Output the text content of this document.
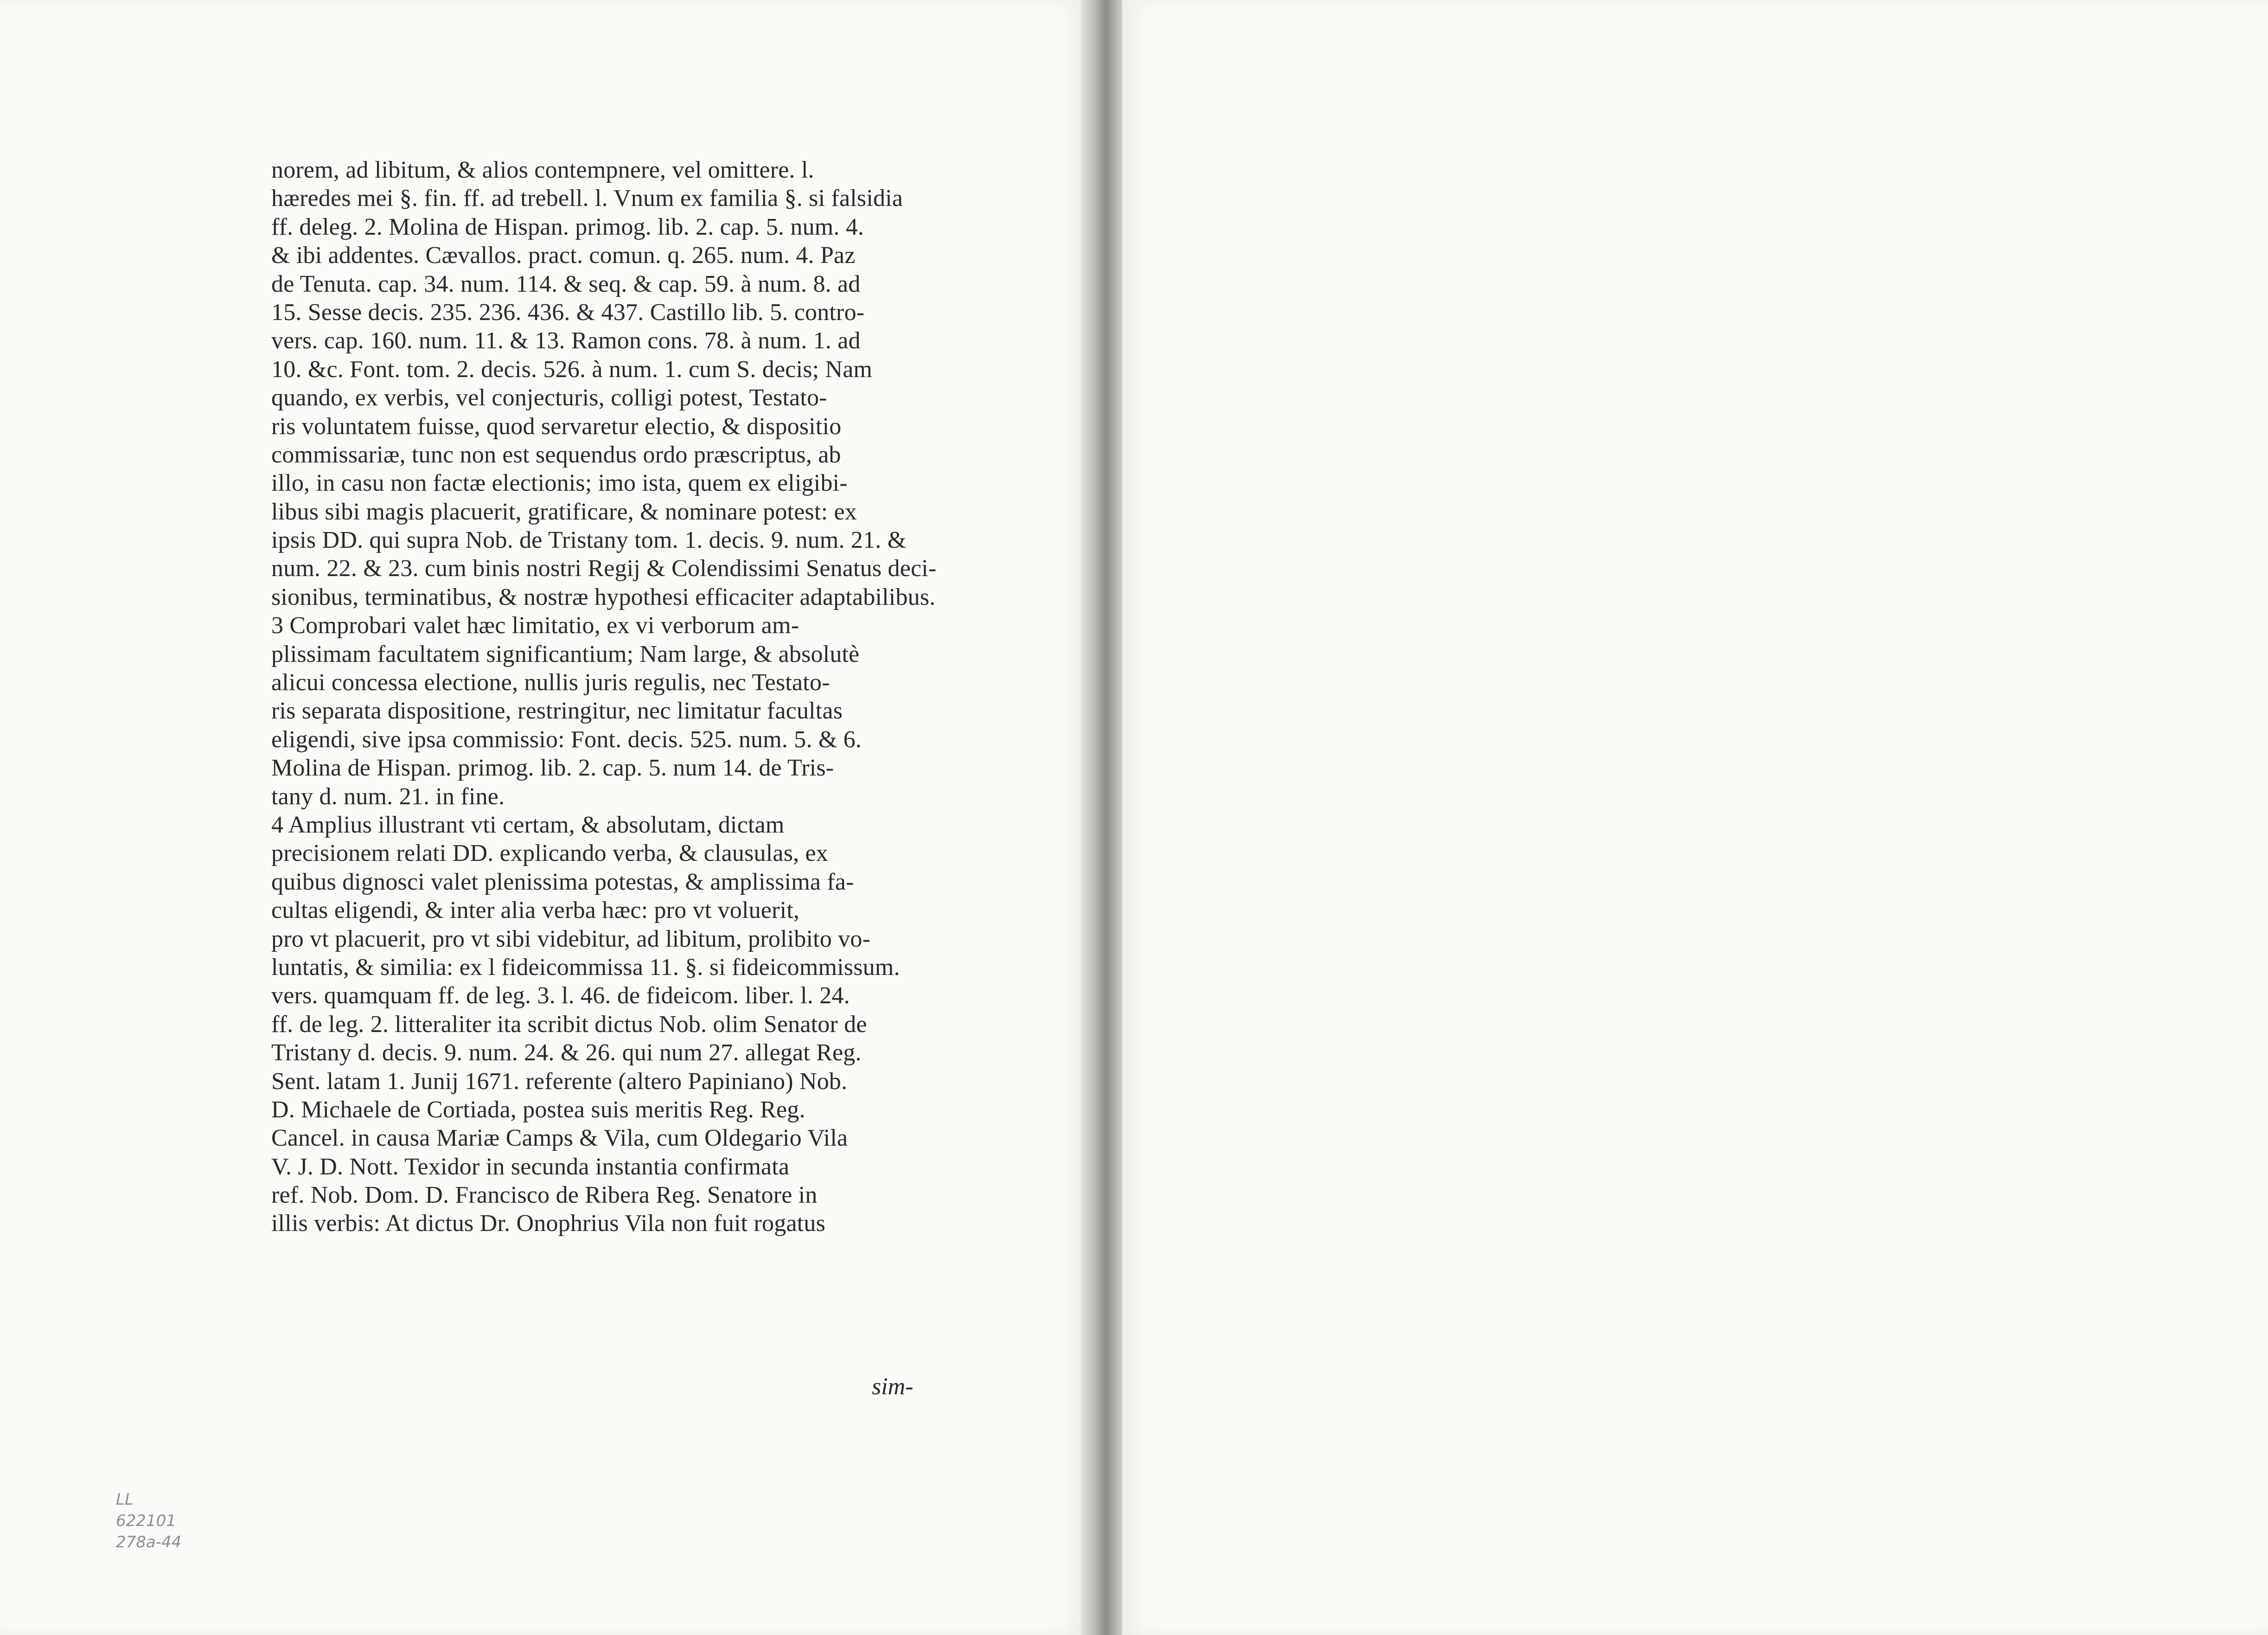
norem, ad libitum, & alios contempnere, vel omittere. l.
hæredes mei §. fin. ff. ad trebell. l. Vnum ex familia §. si falsidia
ff. deleg. 2. Molina de Hispan. primog. lib. 2. cap. 5. num. 4.
& ibi addentes. Cævallos. pract. comun. q. 265. num. 4. Paz
de Tenuta. cap. 34. num. 114. & seq. & cap. 59. à num. 8. ad
15. Sesse decis. 235. 236. 436. & 437. Castillo lib. 5. contro-
vers. cap. 160. num. 11. & 13. Ramon cons. 78. à num. 1. ad
10. &c. Font. tom. 2. decis. 526. à num. 1. cum S. decis; Nam
quando, ex verbis, vel conjecturis, colligi potest, Testato-
ris voluntatem fuisse, quod servaretur electio, & dispositio
commissariæ, tunc non est sequendus ordo præscriptus, ab
illo, in casu non factæ electionis; imo ista, quem ex eligibi-
libus sibi magis placuerit, gratificare, & nominare potest: ex
ipsis DD. qui supra Nob. de Tristany tom. 1. decis. 9. num. 21. &
num. 22. & 23. cum binis nostri Regij & Colendissimi Senatus deci-
sionibus, terminatibus, & nostræ hypothesi efficaciter adaptabilibus.
3 Comprobari valet hæc limitatio, ex vi verborum am-
plissimam facultatem significantium; Nam large, & absolutè
alicui concessa electione, nullis juris regulis, nec Testato-
ris separata dispositione, restringitur, nec limitatur facultas
eligendi, sive ipsa commissio: Font. decis. 525. num. 5. & 6.
Molina de Hispan. primog. lib. 2. cap. 5. num 14. de Tris-
tany d. num. 21. in fine.
4 Amplius illustrant vti certam, & absolutam, dictam
precisionem relati DD. explicando verba, & clausulas, ex
quibus dignosci valet plenissima potestas, & amplissima fa-
cultas eligendi, & inter alia verba hæc: pro vt voluerit,
pro vt placuerit, pro vt sibi videbitur, ad libitum, prolibito vo-
luntatis, & similia: ex l fideicommissa 11. §. si fideicommissum.
vers. quamquam ff. de leg. 3. l. 46. de fideicom. liber. l. 24.
ff. de leg. 2. litteraliter ita scribit dictus Nob. olim Senator de
Tristany d. decis. 9. num. 24. & 26. qui num 27. allegat Reg.
Sent. latam 1. Junij 1671. referente (altero Papiniano) Nob.
D. Michaele de Cortiada, postea suis meritis Reg. Reg.
Cancel. in causa Mariæ Camps & Vila, cum Oldegario Vila
V. J. D. Nott. Texidor in secunda instantia confirmata
ref. Nob. Dom. D. Francisco de Ribera Reg. Senatore in
illis verbis: At dictus Dr. Onophrius Vila non fuit rogatus
sim-
LL
622101
278a-44
